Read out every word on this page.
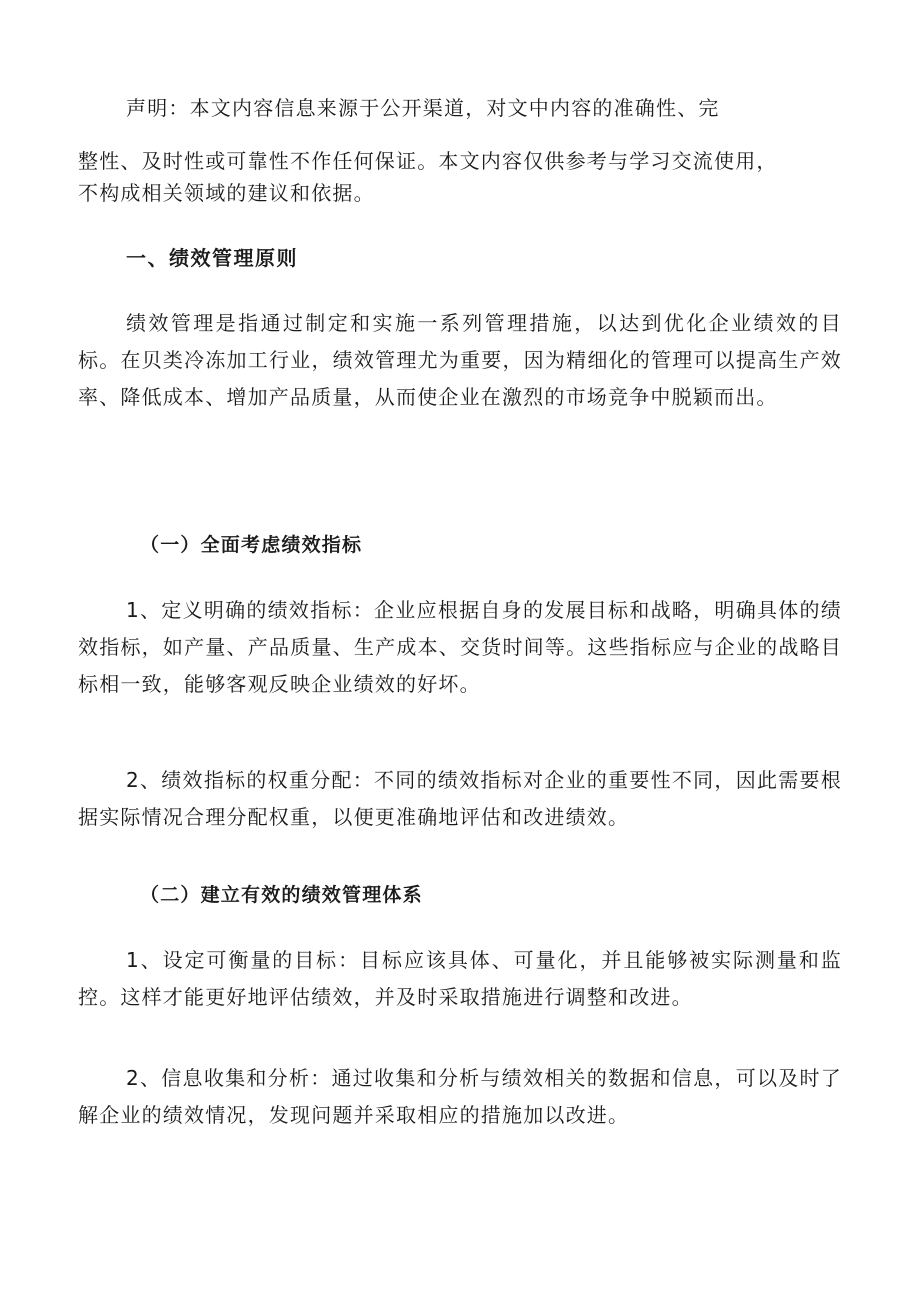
声明：本文内容信息来源于公开渠道，对文中内容的准确性、完

整性、及时性或可靠性不作任何保证。本文内容仅供参考与学习交流使用，

不构成相关领域的建议和依据。

一、绩效管理原则

绩效管理是指通过制定和实施一系列管理措施，以达到优化企业绩效的目标。在贝类冷冻加工行业，绩效管理尤为重要，因为精细化的管理可以提高生产效率、降低成本、增加产品质量，从而使企业在激烈的市场竞争中脱颖而出。

（一）全面考虑绩效指标

1、定义明确的绩效指标：企业应根据自身的发展目标和战略，明确具体的绩效指标，如产量、产品质量、生产成本、交货时间等。这些指标应与企业的战略目标相一致，能够客观反映企业绩效的好坏。

2、绩效指标的权重分配：不同的绩效指标对企业的重要性不同，因此需要根据实际情况合理分配权重，以便更准确地评估和改进绩效。

（二）建立有效的绩效管理体系

1、设定可衡量的目标：目标应该具体、可量化，并且能够被实际测量和监控。这样才能更好地评估绩效，并及时采取措施进行调整和改进。

2、信息收集和分析：通过收集和分析与绩效相关的数据和信息，可以及时了解企业的绩效情况，发现问题并采取相应的措施加以改进。
